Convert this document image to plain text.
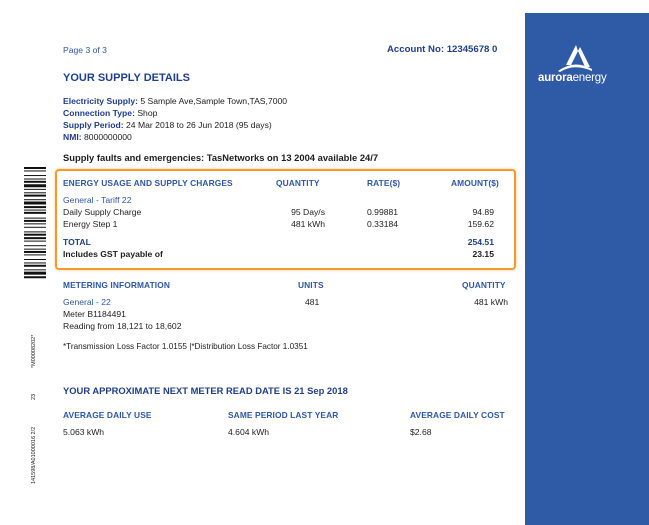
auroraenergy
Page 3 of 3	Account No: 12345678 0
YOUR SUPPLY DETAILS
Electricity Supply: 5 Sample Ave,Sample Town,TAS,7000
Connection Type: Shop
Supply Period: 24 Mar 2018 to 26 Jun 2018 (95 days)
NMI: 8000000000
Supply faults and emergencies: TasNetworks on 13 2004 available 24/7
ENERGY USAGE AND SUPPLY CHARGES	QUANTITY	RATE($)	AMOUNT($)
General - Tariff 22
Daily Supply Charge	95 Day/s	0.99881	94.89
Energy Step 1	481 kWh	0.33184	159.62
TOTAL	254.51
Includes GST payable of	23.15
METERING INFORMATION	UNITS	QUANTITY
General - 22	481	481 kWh
Meter B1184491
Reading from 18,121 to 18,602
*Transmission Loss Factor 1.0155 |*Distribution Loss Factor 1.0351
YOUR APPROXIMATE NEXT METER READ DATE IS 21 Sep 2018
AVERAGE DAILY USE	SAME PERIOD LAST YEAR	AVERAGE DAILY COST
5.063 kWh	4.604 kWh	$2.68
*M00008202*
23
141598/A01000016 2/2
